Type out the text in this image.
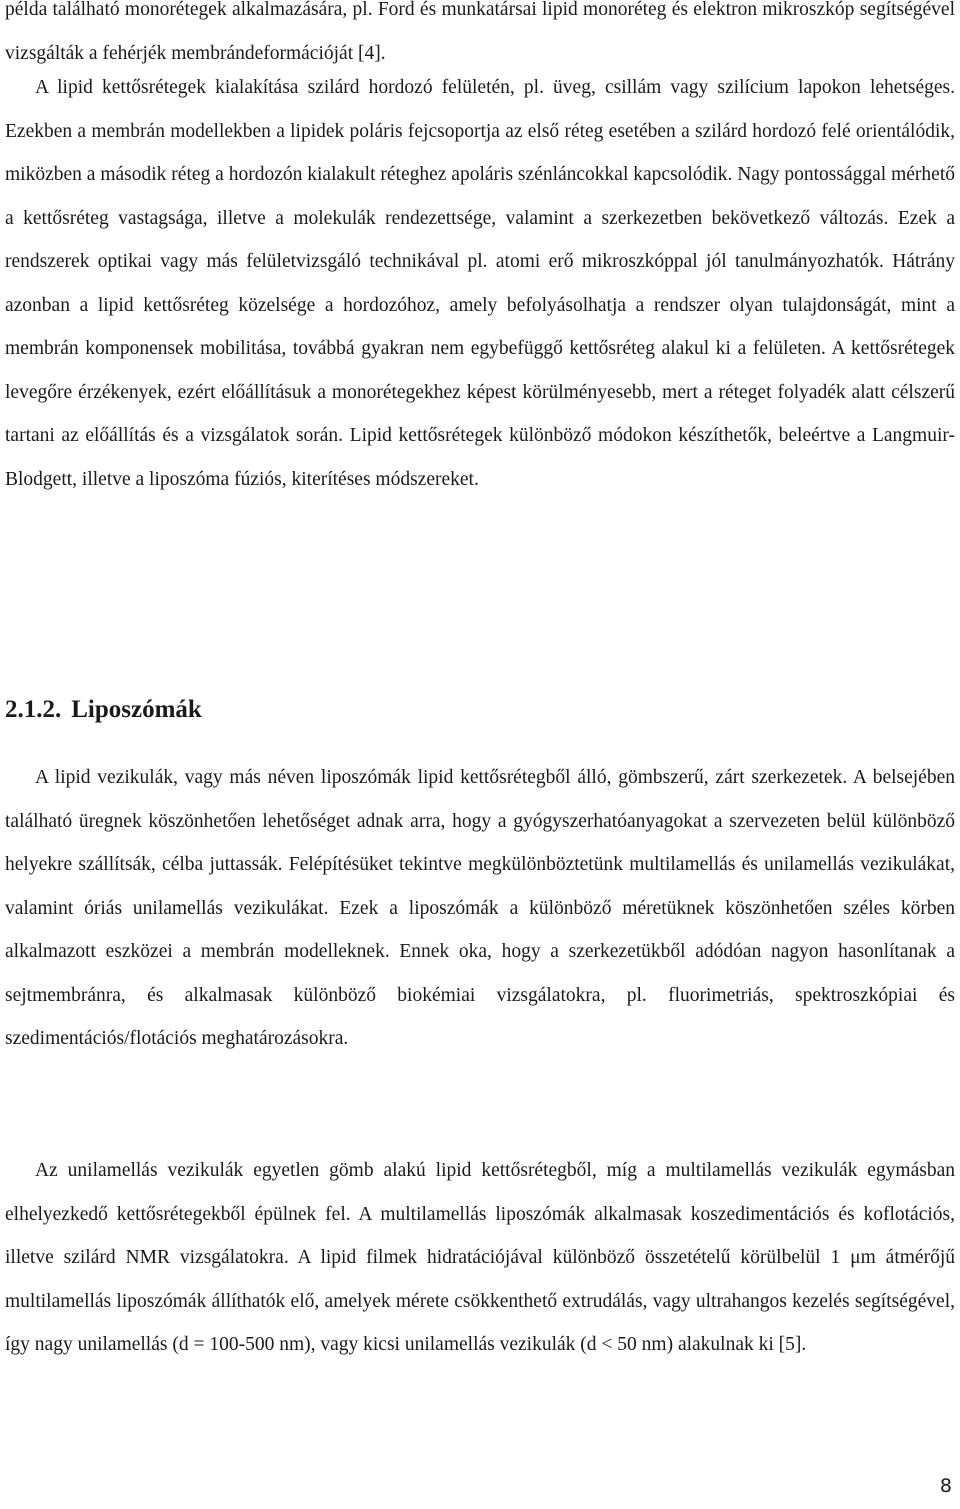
példa található monorétegek alkalmazására, pl. Ford és munkatársai lipid monoréteg és elektron mikroszkóp segítségével vizsgálták a fehérjék membrándeformációját [4].

A lipid kettősrétegek kialakítása szilárd hordozó felületén, pl. üveg, csillám vagy szilícium lapokon lehetséges. Ezekben a membrán modellekben a lipidek poláris fejcsoportja az első réteg esetében a szilárd hordozó felé orientálódik, miközben a második réteg a hordozón kialakult réteghez apoláris szénláncokkal kapcsolódik. Nagy pontossággal mérhető a kettősréteg vastagsága, illetve a molekulák rendezettsége, valamint a szerkezetben bekövetkező változás. Ezek a rendszerek optikai vagy más felületvizsgáló technikával pl. atomi erő mikroszkóppal jól tanulmányozhatók. Hátrány azonban a lipid kettősréteg közelsége a hordozóhoz, amely befolyásolhatja a rendszer olyan tulajdonságát, mint a membrán komponensek mobilitása, továbbá gyakran nem egybefüggő kettősréteg alakul ki a felületen. A kettősrétegek levegőre érzékenyek, ezért előállításuk a monorétegekhez képest körülményesebb, mert a réteget folyadék alatt célszerű tartani az előállítás és a vizsgálatok során. Lipid kettősrétegek különböző módokon készíthetők, beleértve a Langmuir-Blodgett, illetve a liposzóma fúziós, kiterítéses módszereket.

2.1.2. Liposzómák

A lipid vezikulák, vagy más néven liposzómák lipid kettősrétegből álló, gömbszerű, zárt szerkezetek. A belsejében található üregnek köszönhetően lehetőséget adnak arra, hogy a gyógyszerhatóanyagokat a szervezeten belül különböző helyekre szállítsák, célba juttassák. Felépítésüket tekintve megkülönböztetünk multilamellás és unilamellás vezikulákat, valamint óriás unilamellás vezikulákat. Ezek a liposzómák a különböző méretüknek köszönhetően széles körben alkalmazott eszközei a membrán modelleknek. Ennek oka, hogy a szerkezetükből adódóan nagyon hasonlítanak a sejtmembránra, és alkalmasak különböző biokémiai vizsgálatokra, pl. fluorimetriás, spektroszkópiai és szedimentációs/flotációs meghatározásokra.

Az unilamellás vezikulák egyetlen gömb alakú lipid kettősrétegből, míg a multilamellás vezikulák egymásban elhelyezkedő kettősrétegekből épülnek fel. A multilamellás liposzómák alkalmasak koszedimentációs és koflotációs, illetve szilárd NMR vizsgálatokra. A lipid filmek hidratációjával különböző összetételű körülbelül 1 μm átmérőjű multilamellás liposzómák állíthatók elő, amelyek mérete csökkenthető extrudálás, vagy ultrahangos kezelés segítségével, így nagy unilamellás (d = 100-500 nm), vagy kicsi unilamellás vezikulák (d < 50 nm) alakulnak ki [5].

8
